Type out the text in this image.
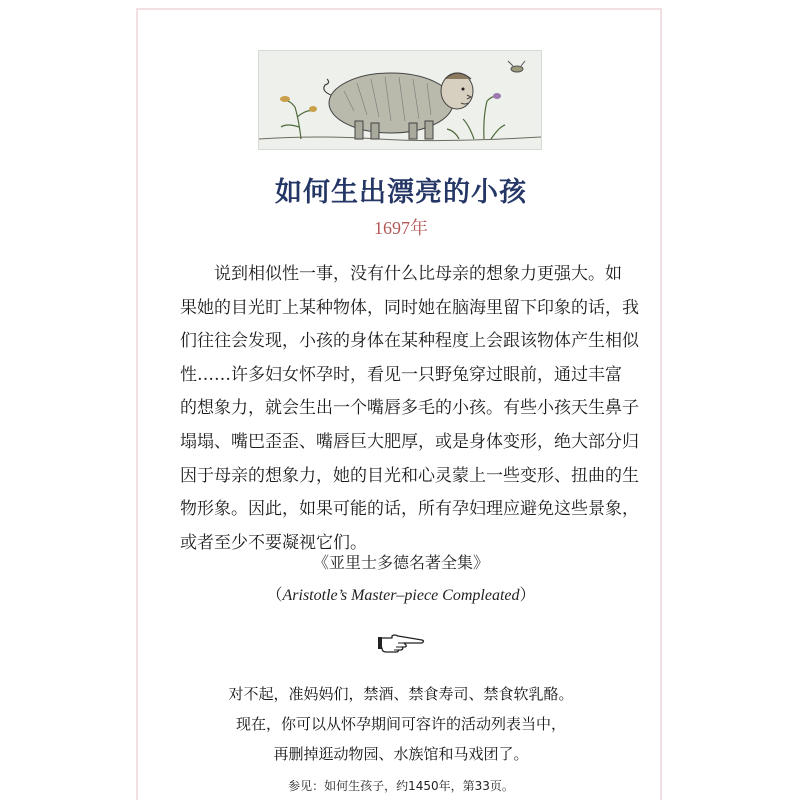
如何生出漂亮的小孩
1697年
　　说到相似性一事，没有什么比母亲的想象力更强大。如
果她的目光盯上某种物体，同时她在脑海里留下印象的话，我
们往往会发现，小孩的身体在某种程度上会跟该物体产生相似
性……许多妇女怀孕时，看见一只野兔穿过眼前，通过丰富
的想象力，就会生出一个嘴唇多毛的小孩。有些小孩天生鼻子
塌塌、嘴巴歪歪、嘴唇巨大肥厚，或是身体变形，绝大部分归
因于母亲的想象力，她的目光和心灵蒙上一些变形、扭曲的生
物形象。因此，如果可能的话，所有孕妇理应避免这些景象，
或者至少不要凝视它们。
《亚里士多德名著全集》
（Aristotle’s Master–piece Compleated）
对不起，准妈妈们，禁酒、禁食寿司、禁食软乳酪。
现在，你可以从怀孕期间可容许的活动列表当中，
再删掉逛动物园、水族馆和马戏团了。
参见：如何生孩子，约1450年，第33页。
